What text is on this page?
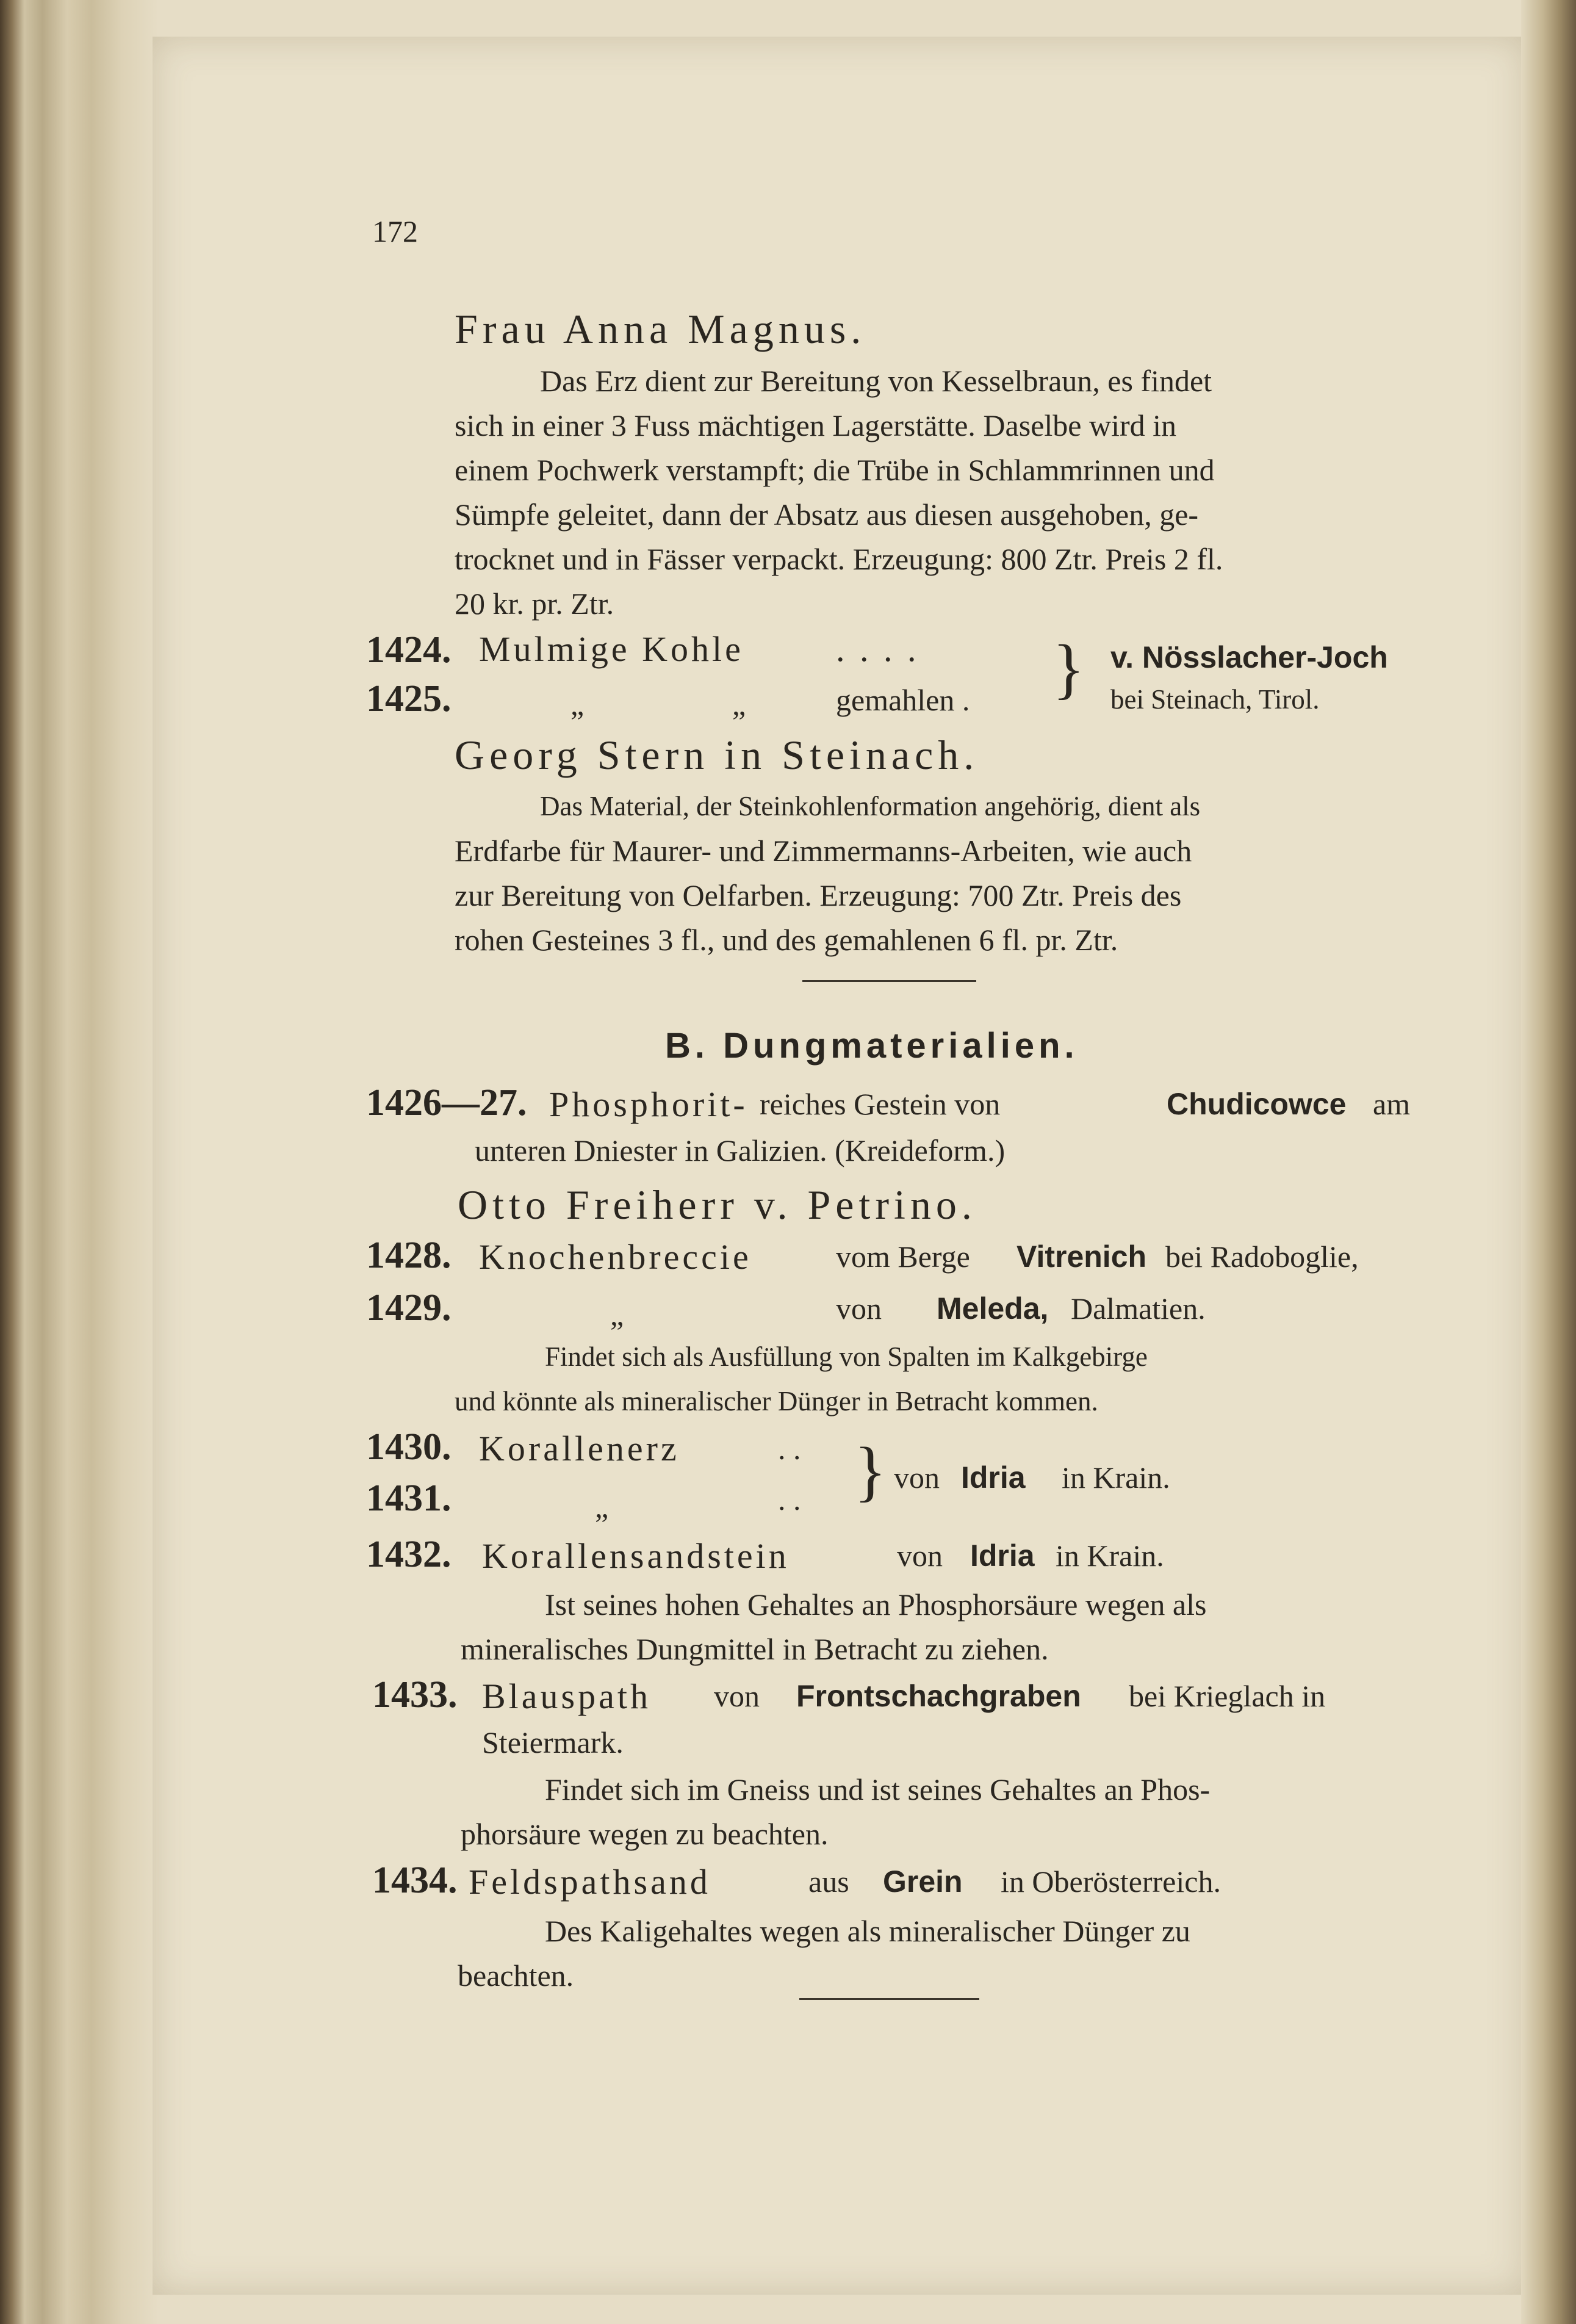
172
Frau Anna Magnus.
Das Erz dient zur Bereitung von Kesselbraun, es findet
sich in einer 3 Fuss mächtigen Lagerstätte. Daselbe wird in
einem Pochwerk verstampft; die Trübe in Schlammrinnen und
Sümpfe geleitet, dann der Absatz aus diesen ausgehoben, ge-
trocknet und in Fässer verpackt. Erzeugung: 800 Ztr. Preis 2 fl.
20 kr. pr. Ztr.
1424. Mulmige Kohle	. . . .
1425.	„	„	gemahlen . } v. Nösslacher-Joch
bei Steinach, Tirol.
Georg Stern in Steinach.
Das Material, der Steinkohlenformation angehörig, dient als
Erdfarbe für Maurer- und Zimmermanns-Arbeiten, wie auch
zur Bereitung von Oelfarben. Erzeugung: 700 Ztr. Preis des
rohen Gesteines 3 fl., und des gemahlenen 6 fl. pr. Ztr.
B. Dungmaterialien.
1426—27. Phosphorit- reiches Gestein von	Chudicowce am
unteren Dniester in Galizien. (Kreideform.)
Otto Freiherr v. Petrino.
1428. Knochenbreccie	vom Berge Vitrenich bei Radoboglie,
1429.	„	von Meleda, Dalmatien.
Findet sich als Ausfüllung von Spalten im Kalkgebirge
und könnte als mineralischer Dünger in Betracht kommen.
1430. Korallenerz	. .
1431.	„	. . } von Idria in Krain.
1432. Korallensandstein	von Idria in Krain.
Ist seines hohen Gehaltes an Phosphorsäure wegen als
mineralisches Dungmittel in Betracht zu ziehen.
1433. Blauspath von Frontschachgraben bei Krieglach in
Steiermark.
Findet sich im Gneiss und ist seines Gehaltes an Phos-
phorsäure wegen zu beachten.
1434. Feldspathsand	aus Grein in Oberösterreich.
Des Kaligehaltes wegen als mineralischer Dünger zu
beachten.
